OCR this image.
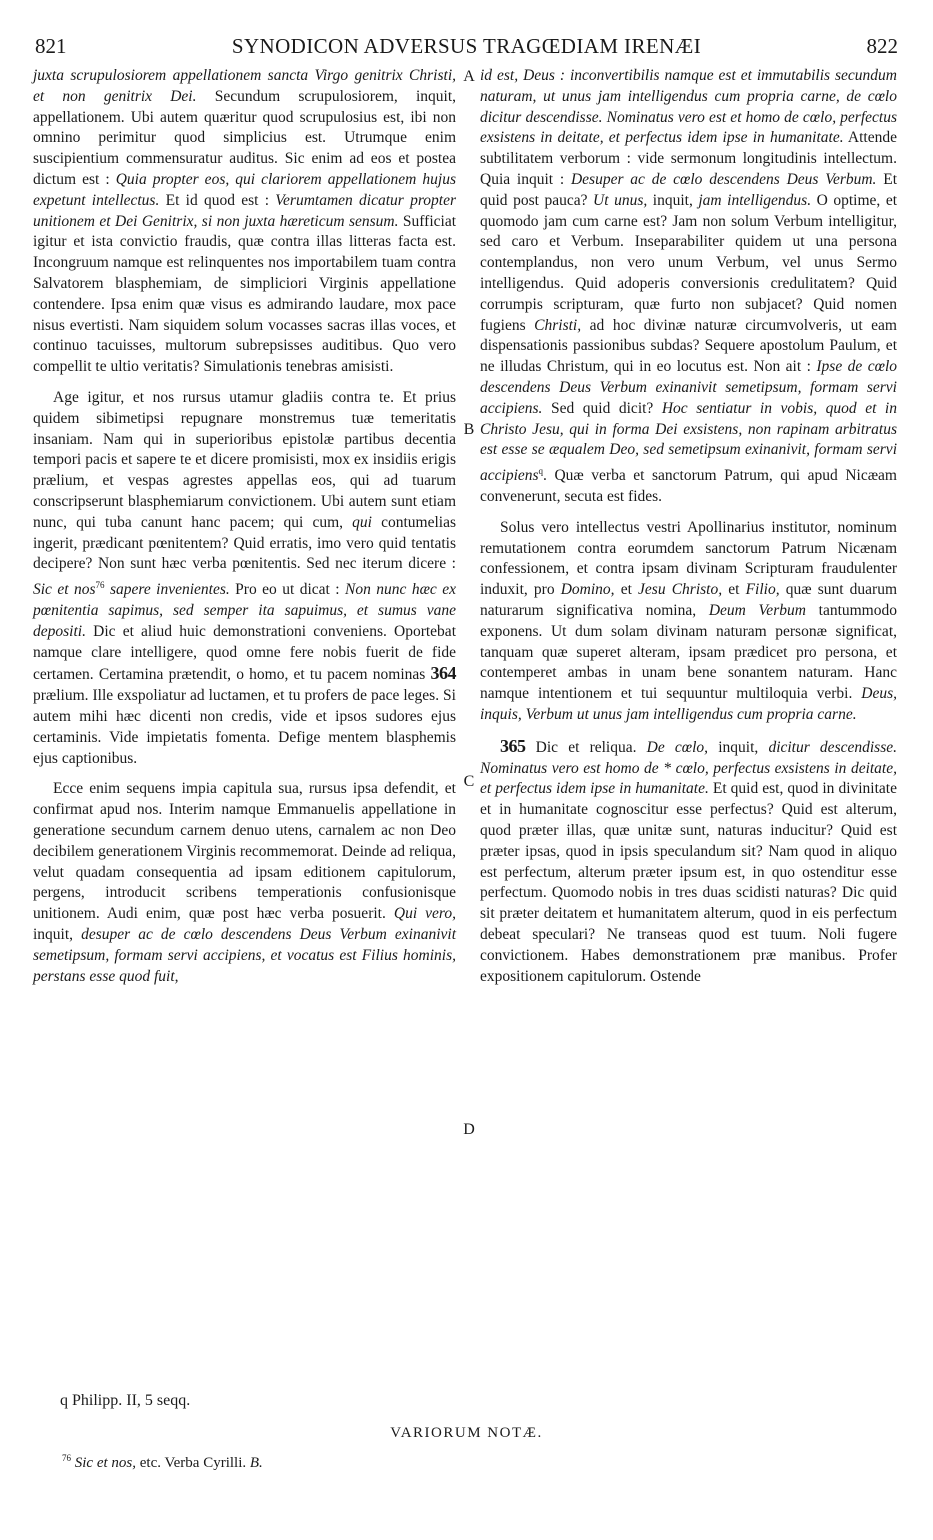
821	SYNODICON ADVERSUS TRAGŒDIAM IRENÆI	822

juxta scrupulosiorem appellationem sancta Virgo genitrix Christi, et non genitrix Dei. Secundum scrupulosiorem, inquit, appellationem. Ubi autem quæritur quod scrupulosius est, ibi non omnino perimitur quod simplicius est. Utrumque enim suscipientium commensuratur auditus. Sic enim ad eos et postea dictum est : Quia propter eos, qui clariorem appellationem hujus expetunt intellectus. Et id quod est : Verumtamen dicatur propter unitionem et Dei Genitrix, si non juxta hæreticum sensum. Sufficiat igitur et ista convictio fraudis, quæ contra illas litteras facta est. Incongruum namque est relinquentes nos importabilem tuam contra Salvatorem blasphemiam, de simpliciori Virginis appellatione contendere. Ipsa enim quæ visus es admirando laudare, mox pace nisus evertisti. Nam siquidem solum vocasses sacras illas voces, et continuo tacuisses, multorum subrepsisses auditibus. Quo vero compellit te ultio veritatis? Simulationis tenebras amisisti.

Age igitur, et nos rursus utamur gladiis contra te. Et prius quidem sibimetipsi repugnare monstremus tuæ temeritatis insaniam. Nam qui in superioribus epistolæ partibus decentia tempori pacis et sapere te et dicere promisisti, mox ex insidiis erigis prælium, et vespas agrestes appellas eos, qui ad tuarum conscripserunt blasphemiarum convictionem. Ubi autem sunt etiam nunc, qui tuba canunt hanc pacem; qui cum, qui contumelias ingerit, prædicant pœnitentem? Quid erratis, imo vero quid tentatis decipere? Non sunt hæc verba pœnitentis. Sed nec iterum dicere : Sic et nos$^{76}$ sapere invenientes. Pro eo ut dicat : Non nunc hæc ex pœnitentia sapimus, sed semper ita sapuimus, et sumus vane depositi. Dic et aliud huic demonstrationi conveniens. Oportebat namque clare intelligere, quod omne fere nobis fuerit de fide certamen. Certamina prætendit, o homo, et tu pacem nominas 364 prælium. Ille exspoliatur ad luctamen, et tu profers de pace leges. Si autem mihi hæc dicenti non credis, vide et ipsos sudores ejus certaminis. Vide impietatis fomenta. Defige mentem blasphemis ejus captionibus.

Ecce enim sequens impia capitula sua, rursus ipsa defendit, et confirmat apud nos. Interim namque Emmanuelis appellatione in generatione secundum carnem denuo utens, carnalem ac non Deo decibilem generationem Virginis recommemorat. Deinde ad reliqua, velut quadam consequentia ad ipsam editionem capitulorum, pergens, introducit scribens temperationis confusionisque unitionem. Audi enim, quæ post hæc verba posuerit. Qui vero, inquit, desuper ac de cœlo descendens Deus Verbum exinanivit semetipsum, formam servi accipiens, et vocatus est Filius hominis, perstans esse quod fuit,

A
B
C
D

id est, Deus : inconvertibilis namque est et immutabilis secundum naturam, ut unus jam intelligendus cum propria carne, de cœlo dicitur descendisse. Nominatus vero est et homo de cœlo, perfectus exsistens in deitate, et perfectus idem ipse in humanitate. Attende subtilitatem verborum : vide sermonum longitudinis intellectum. Quia inquit : Desuper ac de cœlo descendens Deus Verbum. Et quid post pauca? Ut unus, inquit, jam intelligendus. O optime, et quomodo jam cum carne est? Jam non solum Verbum intelligitur, sed caro et Verbum. Inseparabiliter quidem ut una persona contemplandus, non vero unum Verbum, vel unus Sermo intelligendus. Quid adoperis conversionis credulitatem? Quid corrumpis scripturam, quæ furto non subjacet? Quid nomen fugiens Christi, ad hoc divinæ naturæ circumvolveris, ut eam dispensationis passionibus subdas? Sequere apostolum Paulum, et ne illudas Christum, qui in eo locutus est. Non ait : Ipse de cœlo descendens Deus Verbum exinanivit semetipsum, formam servi accipiens. Sed quid dicit? Hoc sentiatur in vobis, quod et in Christo Jesu, qui in forma Dei exsistens, non rapinam arbitratus est esse se æqualem Deo, sed semetipsum exinanivit, formam servi accipiens$^q$. Quæ verba et sanctorum Patrum, qui apud Nicæam convenerunt, secuta est fides.

Solus vero intellectus vestri Apollinarius institutor, nominum remutationem contra eorumdem sanctorum Patrum Nicænam confessionem, et contra ipsam divinam Scripturam fraudulenter induxit, pro Domino, et Jesu Christo, et Filio, quæ sunt duarum naturarum significativa nomina, Deum Verbum tantummodo exponens. Ut dum solam divinam naturam personæ significat, tanquam quæ superet alteram, ipsam prædicet pro persona, et contemperet ambas in unam bene sonantem naturam. Hanc namque intentionem et tui sequuntur multiloquia verbi. Deus, inquis, Verbum ut unus jam intelligendus cum propria carne.

365 Dic et reliqua. De cœlo, inquit, dicitur descendisse. Nominatus vero est homo de * cœlo, perfectus exsistens in deitate, et perfectus idem ipse in humanitate. Et quid est, quod in divinitate et in humanitate cognoscitur esse perfectus? Quid est alterum, quod præter illas, quæ unitæ sunt, naturas inducitur? Quid est præter ipsas, quod in ipsis speculandum sit? Nam quod in aliquo est perfectum, alterum præter ipsum est, in quo ostenditur esse perfectum. Quomodo nobis in tres duas scidisti naturas? Dic quid sit præter deitatem et humanitatem alterum, quod in eis perfectum debeat speculari? Ne transeas quod est tuum. Noli fugere convictionem. Habes demonstrationem præ manibus. Profer expositionem capitulorum. Ostende

q Philipp. II, 5 seqq.
VARIORUM NOTÆ.
$^{76}$ Sic et nos, etc. Verba Cyrilli. B.
